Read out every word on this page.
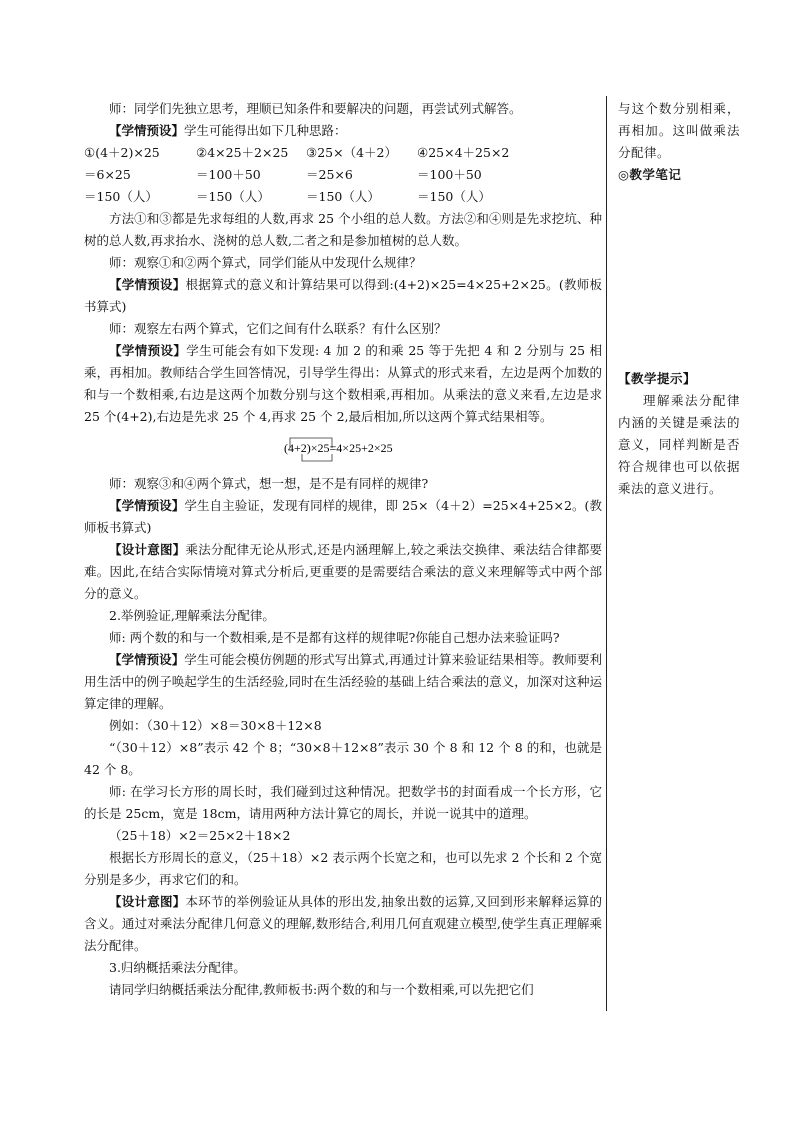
师：同学们先独立思考，理顺已知条件和要解决的问题，再尝试列式解答。

【学情预设】学生可能得出如下几种思路：

①(4＋2)×25	②4×25＋2×25	③25×（4＋2）	④25×4＋25×2
＝6×25	＝100＋50	＝25×6	＝100＋50
＝150（人）	＝150（人）	＝150（人）	＝150（人）

方法①和③都是先求每组的人数,再求 25 个小组的总人数。方法②和④则是先求挖坑、种树的总人数,再求抬水、浇树的总人数,二者之和是参加植树的总人数。

师：观察①和②两个算式，同学们能从中发现什么规律？

【学情预设】根据算式的意义和计算结果可以得到:(4+2)×25=4×25+2×25。(教师板书算式)

师：观察左右两个算式，它们之间有什么联系？有什么区别？

【学情预设】学生可能会有如下发现: 4 加 2 的和乘 25 等于先把 4 和 2 分别与 25 相乘，再相加。教师结合学生回答情况，引导学生得出：从算式的形式来看，左边是两个加数的和与一个数相乘,右边是这两个加数分别与这个数相乘,再相加。从乘法的意义来看,左边是求 25 个(4+2),右边是先求 25 个 4,再求 25 个 2,最后相加,所以这两个算式结果相等。

(4+2)×25=4×25+2×25

师：观察③和④两个算式，想一想，是不是有同样的规律?

【学情预设】学生自主验证，发现有同样的规律，即 25×（4＋2）=25×4+25×2。(教师板书算式)

【设计意图】乘法分配律无论从形式,还是内涵理解上,较之乘法交换律、乘法结合律都要难。因此,在结合实际情境对算式分析后,更重要的是需要结合乘法的意义来理解等式中两个部分的意义。

2.举例验证,理解乘法分配律。

师: 两个数的和与一个数相乘,是不是都有这样的规律呢?你能自己想办法来验证吗?

【学情预设】学生可能会模仿例题的形式写出算式,再通过计算来验证结果相等。教师要利用生活中的例子唤起学生的生活经验,同时在生活经验的基础上结合乘法的意义，加深对这种运算定律的理解。

例如：（30＋12）×8＝30×8＋12×8

“（30＋12）×8”表示 42 个 8；“30×8＋12×8”表示 30 个 8 和 12 个 8 的和，也就是 42 个 8。

师: 在学习长方形的周长时，我们碰到过这种情况。把数学书的封面看成一个长方形，它的长是 25cm，宽是 18cm，请用两种方法计算它的周长，并说一说其中的道理。

（25＋18）×2＝25×2＋18×2

根据长方形周长的意义，（25＋18）×2 表示两个长宽之和，也可以先求 2 个长和 2 个宽分别是多少，再求它们的和。

【设计意图】本环节的举例验证从具体的形出发,抽象出数的运算,又回到形来解释运算的含义。通过对乘法分配律几何意义的理解,数形结合,利用几何直观建立模型,使学生真正理解乘法分配律。

3.归纳概括乘法分配律。

请同学归纳概括乘法分配律,教师板书:两个数的和与一个数相乘,可以先把它们

与这个数分别相乘，再相加。这叫做乘法分配律。

◎教学笔记

【教学提示】

理解乘法分配律内涵的关键是乘法的意义，同样判断是否符合规律也可以依据乘法的意义进行。
